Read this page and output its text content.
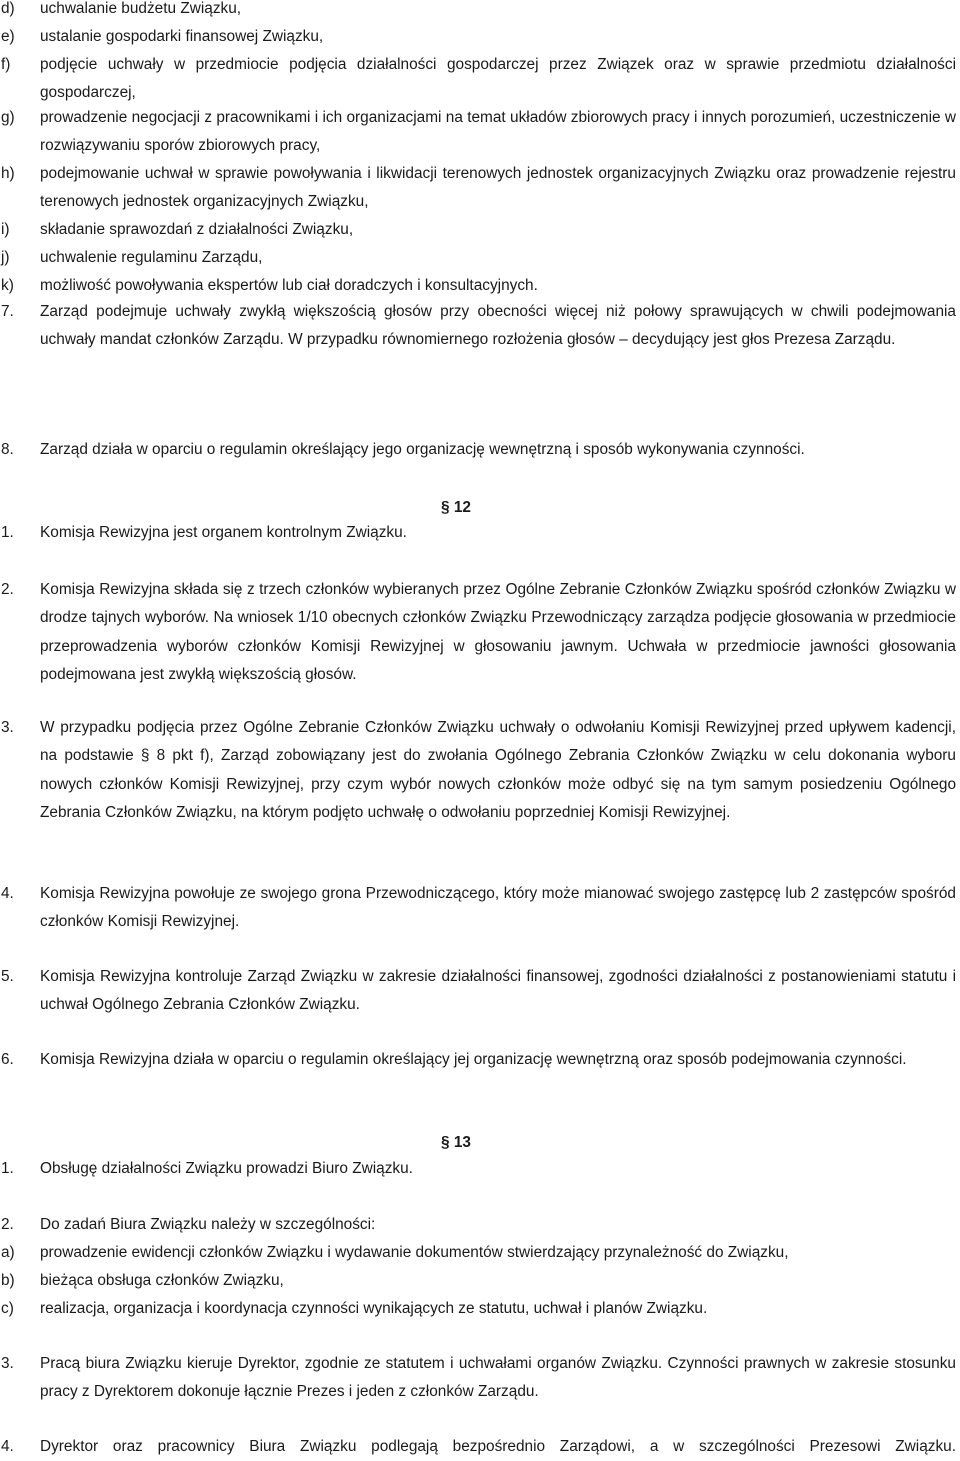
d) uchwalanie budżetu Związku,
e) ustalanie gospodarki finansowej Związku,
f) podjęcie uchwały w przedmiocie podjęcia działalności gospodarczej przez Związek oraz w sprawie przedmiotu działalności gospodarczej,
g) prowadzenie negocjacji z pracownikami i ich organizacjami na temat układów zbiorowych pracy i innych porozumień, uczestniczenie w rozwiązywaniu sporów zbiorowych pracy,
h) podejmowanie uchwał w sprawie powoływania i likwidacji terenowych jednostek organizacyjnych Związku oraz prowadzenie rejestru terenowych jednostek organizacyjnych Związku,
i) składanie sprawozdań z działalności Związku,
j) uchwalenie regulaminu Zarządu,
k) możliwość powoływania ekspertów lub ciał doradczych i konsultacyjnych.
7. Zarząd podejmuje uchwały zwykłą większością głosów przy obecności więcej niż połowy sprawujących w chwili podejmowania uchwały mandat członków Zarządu. W przypadku równomiernego rozłożenia głosów – decydujący jest głos Prezesa Zarządu.
8. Zarząd działa w oparciu o regulamin określający jego organizację wewnętrzną i sposób wykonywania czynności.
§ 12
1. Komisja Rewizyjna jest organem kontrolnym Związku.
2. Komisja Rewizyjna składa się z trzech członków wybieranych przez Ogólne Zebranie Członków Związku spośród członków Związku w drodze tajnych wyborów. Na wniosek 1/10 obecnych członków Związku Przewodniczący zarządza podjęcie głosowania w przedmiocie przeprowadzenia wyborów członków Komisji Rewizyjnej w głosowaniu jawnym. Uchwała w przedmiocie jawności głosowania podejmowana jest zwykłą większością głosów.
3. W przypadku podjęcia przez Ogólne Zebranie Członków Związku uchwały o odwołaniu Komisji Rewizyjnej przed upływem kadencji, na podstawie § 8 pkt f), Zarząd zobowiązany jest do zwołania Ogólnego Zebrania Członków Związku w celu dokonania wyboru nowych członków Komisji Rewizyjnej, przy czym wybór nowych członków może odbyć się na tym samym posiedzeniu Ogólnego Zebrania Członków Związku, na którym podjęto uchwałę o odwołaniu poprzedniej Komisji Rewizyjnej.
4. Komisja Rewizyjna powołuje ze swojego grona Przewodniczącego, który może mianować swojego zastępcę lub 2 zastępców spośród członków Komisji Rewizyjnej.
5. Komisja Rewizyjna kontroluje Zarząd Związku w zakresie działalności finansowej, zgodności działalności z postanowieniami statutu i uchwał Ogólnego Zebrania Członków Związku.
6. Komisja Rewizyjna działa w oparciu o regulamin określający jej organizację wewnętrzną oraz sposób podejmowania czynności.
§ 13
1. Obsługę działalności Związku prowadzi Biuro Związku.
2. Do zadań Biura Związku należy w szczególności:
a) prowadzenie ewidencji członków Związku i wydawanie dokumentów stwierdzający przynależność do Związku,
b) bieżąca obsługa członków Związku,
c) realizacja, organizacja i koordynacja czynności wynikających ze statutu, uchwał i planów Związku.
3. Pracą biura Związku kieruje Dyrektor, zgodnie ze statutem i uchwałami organów Związku. Czynności prawnych w zakresie stosunku pracy z Dyrektorem dokonuje łącznie Prezes i jeden z członków Zarządu.
4. Dyrektor oraz pracownicy Biura Związku podlegają bezpośrednio Zarządowi, a w szczególności Prezesowi Związku.
